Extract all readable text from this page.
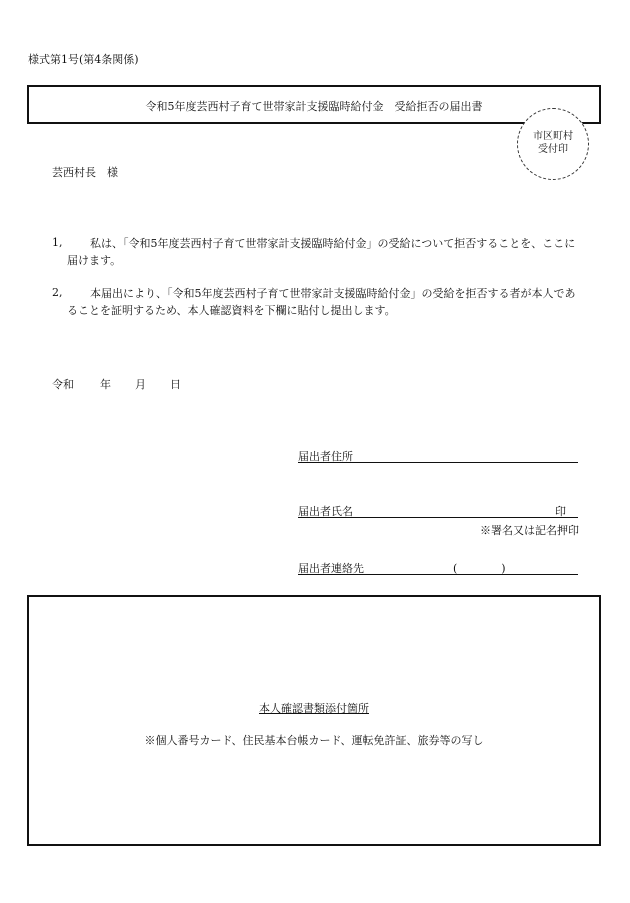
様式第1号(第4条関係)
令和5年度芸西村子育て世帯家計支援臨時給付金　受給拒否の届出書
市区町村
受付印
芸西村長　様
1,	私は、「令和5年度芸西村子育て世帯家計支援臨時給付金」の受給について拒否することを、ここに届けます。
2,	本届出により、「令和5年度芸西村子育て世帯家計支援臨時給付金」の受給を拒否する者が本人であることを証明するため、本人確認資料を下欄に貼付し提出します。
令和 年 月 日
届出者住所
届出者氏名	印
※署名又は記名押印
届出者連絡先	(　　　　)
本人確認書類添付箇所
※個人番号カード、住民基本台帳カード、運転免許証、旅券等の写し
